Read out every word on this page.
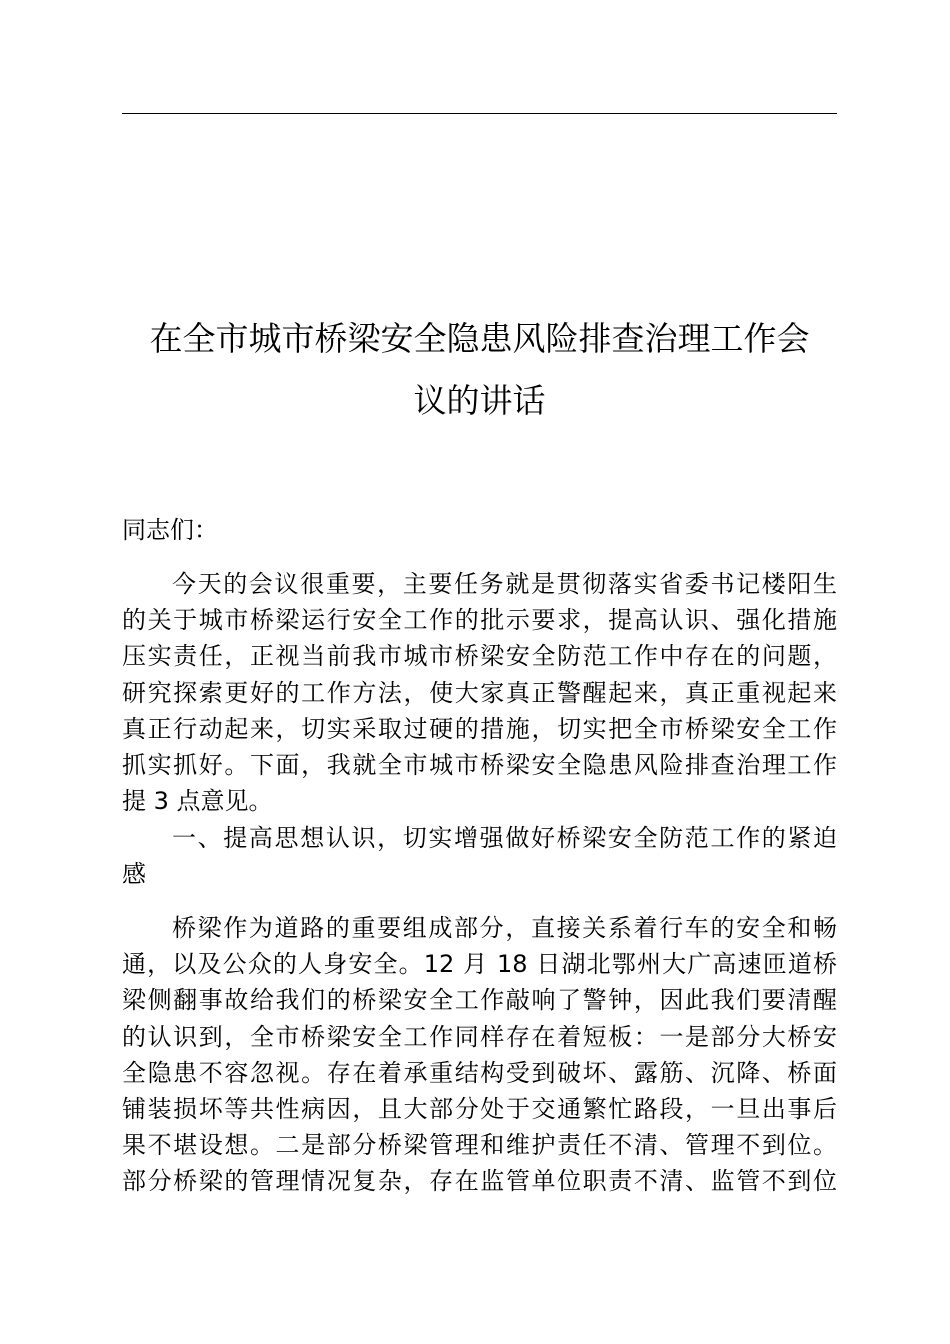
在全市城市桥梁安全隐患风险排查治理工作会
议的讲话

同志们：

今天的会议很重要，主要任务就是贯彻落实省委书记楼阳生
的关于城市桥梁运行安全工作的批示要求，提高认识、强化措施
压实责任，正视当前我市城市桥梁安全防范工作中存在的问题，
研究探索更好的工作方法，使大家真正警醒起来，真正重视起来
真正行动起来，切实采取过硬的措施，切实把全市桥梁安全工作
抓实抓好。下面，我就全市城市桥梁安全隐患风险排查治理工作
提 3 点意见。
一、提高思想认识，切实增强做好桥梁安全防范工作的紧迫
感
桥梁作为道路的重要组成部分，直接关系着行车的安全和畅
通，以及公众的人身安全。12 月 18 日湖北鄂州大广高速匝道桥
梁侧翻事故给我们的桥梁安全工作敲响了警钟，因此我们要清醒
的认识到，全市桥梁安全工作同样存在着短板：一是部分大桥安
全隐患不容忽视。存在着承重结构受到破坏、露筋、沉降、桥面
铺装损坏等共性病因，且大部分处于交通繁忙路段，一旦出事后
果不堪设想。二是部分桥梁管理和维护责任不清、管理不到位。
部分桥梁的管理情况复杂，存在监管单位职责不清、监管不到位
